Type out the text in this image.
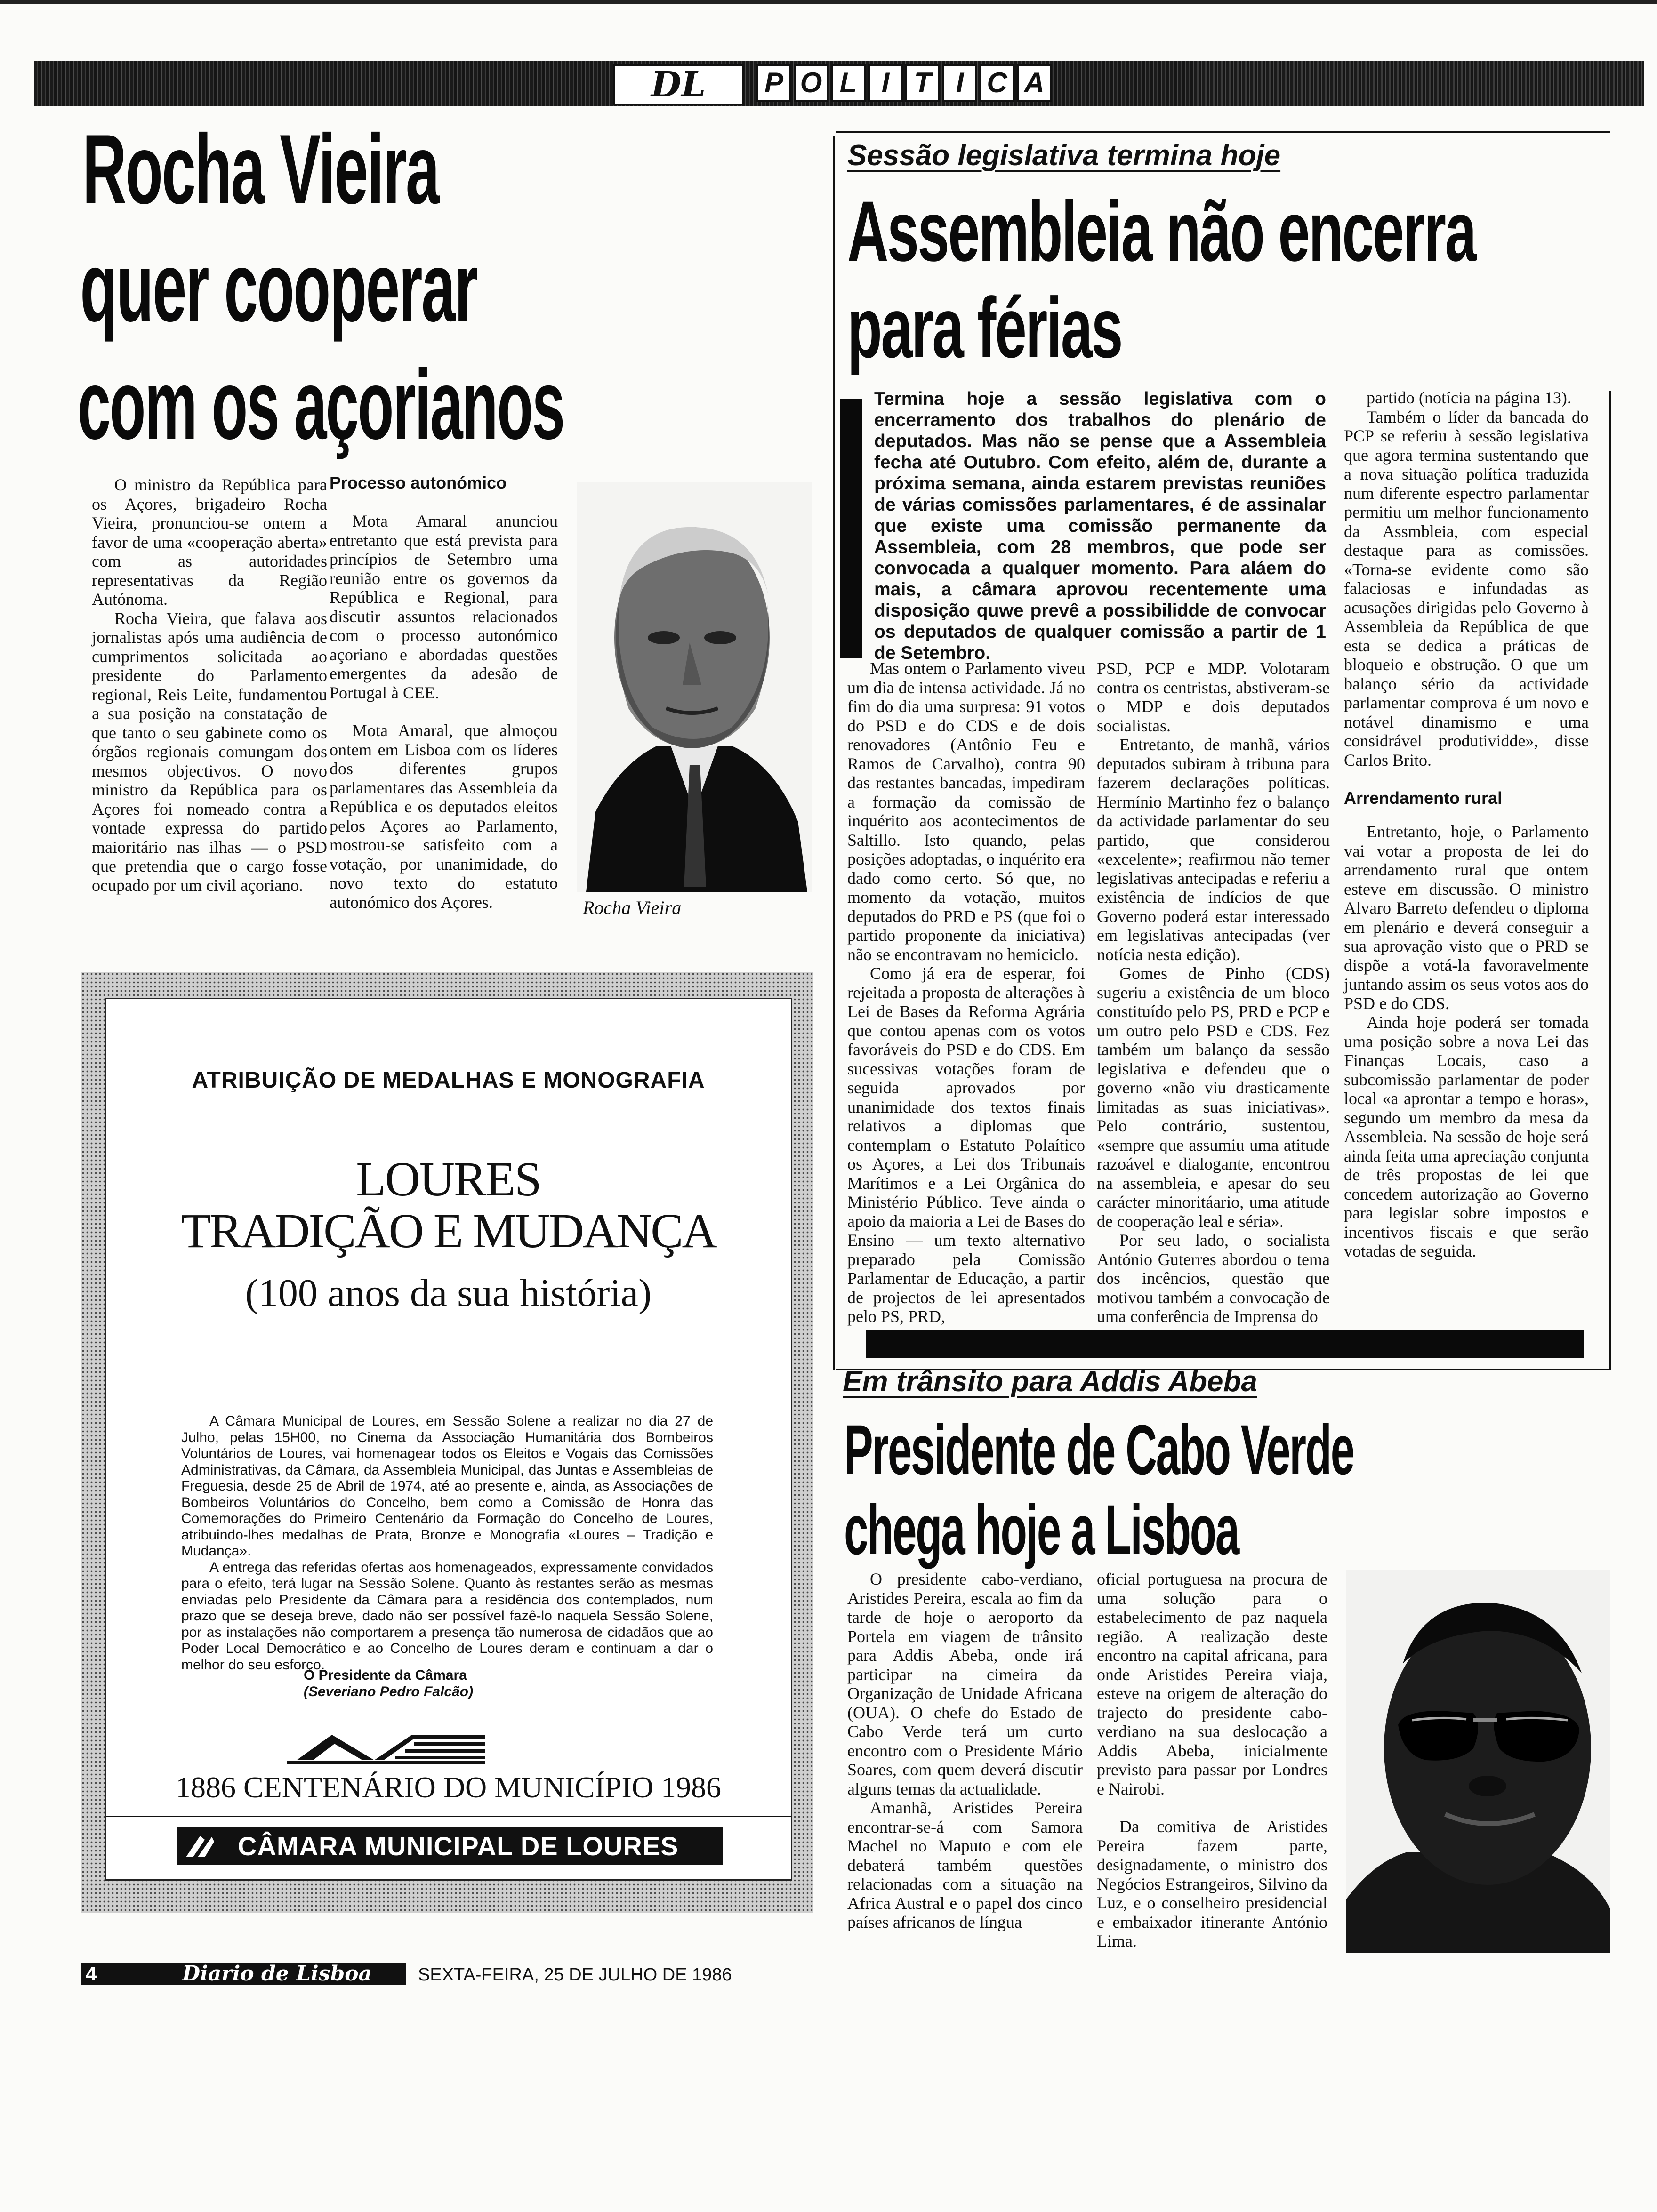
DL	P O L I T I C A
Rocha Vieira
quer cooperar
com os açorianos

O ministro da República para os Açores, brigadeiro Rocha Vieira, pronunciou-se ontem a favor de uma «cooperação aberta» com as autoridades representativas da Região Autónoma.

Rocha Vieira, que falava aos jornalistas após uma audiência de cumprimentos solicitada ao presidente do Parlamento regional, Reis Leite, fundamentou a sua posição na constatação de que tanto o seu gabinete como os órgãos regionais comungam dos mesmos objectivos. O novo ministro da República para os Açores foi nomeado contra a vontade expressa do partido maioritário nas ilhas — o PSD que pretendia que o cargo fosse ocupado por um civil açoriano.

Processo autonómico

Mota Amaral anunciou entretanto que está prevista para princípios de Setembro uma reunião entre os governos da República e Regional, para discutir assuntos relacionados com o processo autonómico açoriano e abordadas questões emergentes da adesão de Portugal à CEE.

Mota Amaral, que almoçou ontem em Lisboa com os líderes dos diferentes grupos parlamentares das Assembleia da República e os deputados eleitos pelos Açores ao Parlamento, mostrou-se satisfeito com a votação, por unanimidade, do novo texto do estatuto autonómico dos Açores.	Rocha Vieira
Sessão legislativa termina hoje
Assembleia não encerra
para férias
Termina hoje a sessão legislativa com o encerramento dos trabalhos do plenário de deputados. Mas não se pense que a Assembleia fecha até Outubro. Com efeito, além de, durante a próxima semana, ainda estarem previstas reuniões de várias comissões parlamentares, é de assinalar que existe uma comissão permanente da Assembleia, com 28 membros, que pode ser convocada a qualquer momento. Para aláem do mais, a câmara aprovou recentemente uma disposição quwe prevê a possibilidde de convocar os deputados de qualquer comissão a partir de 1 de Setembro.

Mas ontem o Parlamento viveu um dia de intensa actividade. Já no fim do dia uma surpresa: 91 votos do PSD e do CDS e de dois renovadores (Antônio Feu e Ramos de Carvalho), contra 90 das restantes bancadas, impediram a formação da comissão de inquérito aos acontecimentos de Saltillo. Isto quando, pelas posições adoptadas, o inquérito era dado como certo. Só que, no momento da votação, muitos deputados do PRD e PS (que foi o partido proponente da iniciativa) não se encontravam no hemiciclo.

Como já era de esperar, foi rejeitada a proposta de alterações à Lei de Bases da Reforma Agrária que contou apenas com os votos favoráveis do PSD e do CDS. Em sucessivas votações foram de seguida aprovados por unanimidade dos textos finais relativos a diplomas que contemplam o Estatuto Polaítico os Açores, a Lei dos Tribunais Marítimos e a Lei Orgânica do Ministério Público. Teve ainda o apoio da maioria a Lei de Bases do Ensino — um texto alternativo preparado pela Comissão Parlamentar de Educação, a partir de projectos de lei apresentados pelo PS, PRD,

PSD, PCP e MDP. Volotaram contra os centristas, abstiveram-se o MDP e dois deputados socialistas.

Entretanto, de manhã, vários deputados subiram à tribuna para fazerem declarações políticas. Hermínio Martinho fez o balanço da actividade parlamentar do seu partido, que considerou «excelente»; reafirmou não temer legislativas antecipadas e referiu a existência de indícios de que Governo poderá estar interessado em legislativas antecipadas (ver notícia nesta edição).

Gomes de Pinho (CDS) sugeriu a existência de um bloco constituído pelo PS, PRD e PCP e um outro pelo PSD e CDS. Fez também um balanço da sessão legislativa e defendeu que o governo «não viu drasticamente limitadas as suas iniciativas». Pelo contrário, sustentou, «sempre que assumiu uma atitude razoável e dialogante, encontrou na assembleia, e apesar do seu carácter minoritáario, uma atitude de cooperação leal e séria».

Por seu lado, o socialista António Guterres abordou o tema dos incêncios, questão que motivou também a convocação de uma conferência de Imprensa do

partido (notícia na página 13).

Também o líder da bancada do PCP se referiu à sessão legislativa que agora termina sustentando que a nova situação política traduzida num diferente espectro parlamentar permitiu um melhor funcionamento da Assmbleia, com especial destaque para as comissões. «Torna-se evidente como são falaciosas e infundadas as acusações dirigidas pelo Governo à Assembleia da República de que esta se dedica a práticas de bloqueio e obstrução. O que um balanço sério da actividade parlamentar comprova é um novo e notável dinamismo e uma considrável produtividde», disse Carlos Brito.

Arrendamento rural

Entretanto, hoje, o Parlamento vai votar a proposta de lei do arrendamento rural que ontem esteve em discussão. O ministro Alvaro Barreto defendeu o diploma em plenário e deverá conseguir a sua aprovação visto que o PRD se dispõe a votá-la favoravelmente juntando assim os seus votos aos do PSD e do CDS.

Ainda hoje poderá ser tomada uma posição sobre a nova Lei das Finanças Locais, caso a subcomissão parlamentar de poder local «a aprontar a tempo e horas», segundo um membro da mesa da Assembleia. Na sessão de hoje será ainda feita uma apreciação conjunta de três propostas de lei que concedem autorização ao Governo para legislar sobre impostos e incentivos fiscais e que serão votadas de seguida.

Em trânsito para Addis Abeba
Presidente de Cabo Verde
chega hoje a Lisboa

O presidente cabo-verdiano, Aristides Pereira, escala ao fim da tarde de hoje o aeroporto da Portela em viagem de trânsito para Addis Abeba, onde irá participar na cimeira da Organização de Unidade Africana (OUA). O chefe do Estado de Cabo Verde terá um curto encontro com o Presidente Mário Soares, com quem deverá discutir alguns temas da actualidade.

Amanhã, Aristides Pereira encontrar-se-á com Samora Machel no Maputo e com ele debaterá também questões relacionadas com a situação na Africa Austral e o papel dos cinco países africanos de língua

oficial portuguesa na procura de uma solução para o estabelecimento de paz naquela região. A realização deste encontro na capital africana, para onde Aristides Pereira viaja, esteve na origem de alteração do trajecto do presidente cabo-verdiano na sua deslocação a Addis Abeba, inicialmente previsto para passar por Londres e Nairobi.

Da comitiva de Aristides Pereira fazem parte, designadamente, o ministro dos Negócios Estrangeiros, Silvino da Luz, e o conselheiro presidencial e embaixador itinerante António Lima.

ATRIBUIÇÃO DE MEDALHAS E MONOGRAFIA
LOURES
TRADIÇÃO E MUDANÇA
(100 anos da sua história)

A Câmara Municipal de Loures, em Sessão Solene a realizar no dia 27 de Julho, pelas 15H00, no Cinema da Associação Humanitária dos Bombeiros Voluntários de Loures, vai homenagear todos os Eleitos e Vogais das Comissões Administrativas, da Câmara, da Assembleia Municipal, das Juntas e Assembleias de Freguesia, desde 25 de Abril de 1974, até ao presente e, ainda, as Associações de Bombeiros Voluntários do Concelho, bem como a Comissão de Honra das Comemorações do Primeiro Centenário da Formação do Concelho de Loures, atribuindo-lhes medalhas de Prata, Bronze e Monografia «Loures – Tradição e Mudança».

A entrega das referidas ofertas aos homenageados, expressamente convidados para o efeito, terá lugar na Sessão Solene. Quanto às restantes serão as mesmas enviadas pelo Presidente da Câmara para a residência dos contemplados, num prazo que se deseja breve, dado não ser possível fazê-lo naquela Sessão Solene, por as instalações não comportarem a presença tão numerosa de cidadãos que ao Poder Local Democrático e ao Concelho de Loures deram e continuam a dar o melhor do seu esforço.

O Presidente da Câmara
(Severiano Pedro Falcão)
1886 CENTENÁRIO DO MUNICÍPIO 1986
CÂMARA MUNICIPAL DE LOURES
4	Diario de Lisboa	SEXTA-FEIRA, 25 DE JULHO DE 1986
